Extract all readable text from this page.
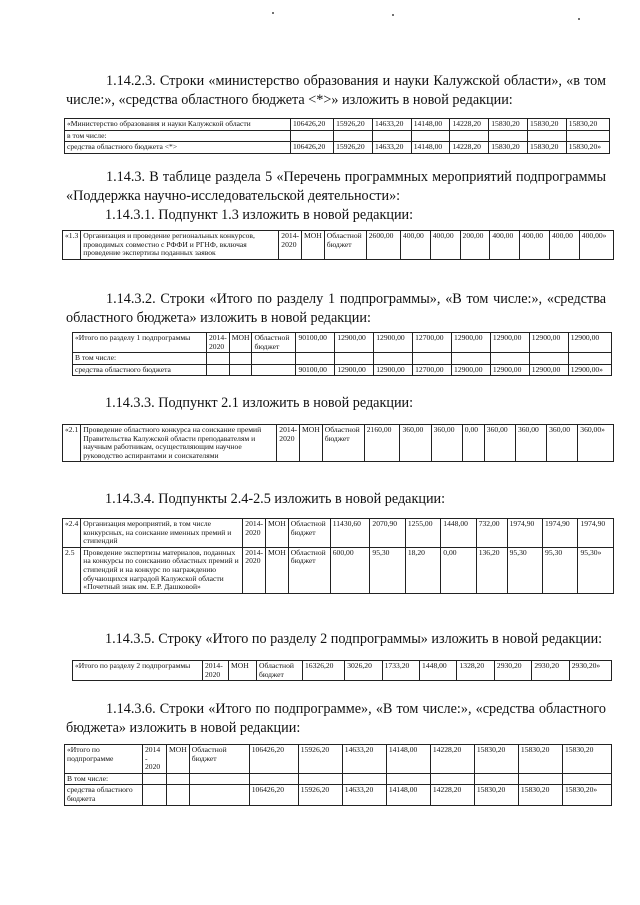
1.14.2.3. Строки «министерство образования и науки Калужской области», «в том числе:», «средства областного бюджета <*>» изложить в новой редакции:

«Министерство образования и науки Калужской области	106426,20	15926,20	14633,20	14148,00	14228,20	15830,20	15830,20	15830,20
в том числе:								
средства областного бюджета <*>	106426,20	15926,20	14633,20	14148,00	14228,20	15830,20	15830,20	15830,20»

1.14.3. В таблице раздела 5 «Перечень программных мероприятий подпрограммы «Поддержка научно-исследовательской деятельности»:

1.14.3.1. Подпункт 1.3 изложить в новой редакции:

«1.3	Организация и проведение региональных конкурсов, проводимых совместно с РФФИ и РГНФ, включая проведение экспертизы поданных заявок	2014-2020	МОН	Областной бюджет	2600,00	400,00	400,00	200,00	400,00	400,00	400,00	400,00»

1.14.3.2. Строки «Итого по разделу 1 подпрограммы», «В том числе:», «средства областного бюджета» изложить в новой редакции:

«Итого по разделу 1 подпрограммы	2014-2020	МОН	Областной бюджет	90100,00	12900,00	12900,00	12700,00	12900,00	12900,00	12900,00	12900,00
В том числе:											
средства областного бюджета				90100,00	12900,00	12900,00	12700,00	12900,00	12900,00	12900,00	12900,00»

1.14.3.3. Подпункт 2.1 изложить в новой редакции:

«2.1	Проведение областного конкурса на соискание премий Правительства Калужской области преподавателям и научным работникам, осуществляющим научное руководство аспирантами и соискателями	2014-2020	МОН	Областной бюджет	2160,00	360,00	360,00	0,00	360,00	360,00	360,00	360,00»

1.14.3.4. Подпункты 2.4-2.5 изложить в новой редакции:

«2.4	Организация мероприятий, в том числе конкурсных, на соискание именных премий и стипендий	2014-2020	МОН	Областной бюджет	11430,60	2070,90	1255,00	1448,00	732,00	1974,90	1974,90	1974,90
2.5	Проведение экспертизы материалов, поданных на конкурсы по соисканию областных премий и стипендий и на конкурс по награждению обучающихся наградой Калужской области «Почетный знак им. Е.Р. Дашковой»	2014-2020	МОН	Областной бюджет	600,00	95,30	18,20	0,00	136,20	95,30	95,30	95,30»

1.14.3.5. Строку «Итого по разделу 2 подпрограммы» изложить в новой редакции:

«Итого по разделу 2 подпрограммы	2014-2020	МОН	Областной бюджет	16326,20	3026,20	1733,20	1448,00	1328,20	2930,20	2930,20	2930,20»

1.14.3.6. Строки «Итого по подпрограмме», «В том числе:», «средства областного бюджета» изложить в новой редакции:

«Итого по подпрограмме	2014 - 2020	МОН	Областной бюджет	106426,20	15926,20	14633,20	14148,00	14228,20	15830,20	15830,20	15830,20
В том числе:											
средства областного бюджета				106426,20	15926,20	14633,20	14148,00	14228,20	15830,20	15830,20	15830,20»
